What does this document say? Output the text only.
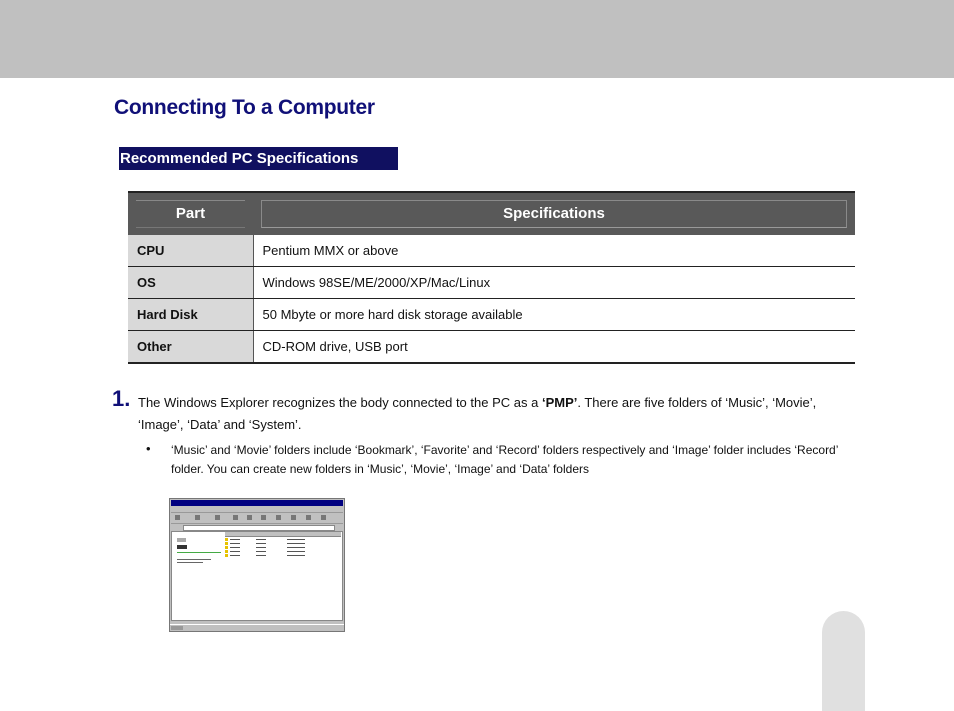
Connecting To a Computer
Recommended PC Specifications
Part	Specifications

CPU	Pentium MMX or above
OS	Windows 98SE/ME/2000/XP/Mac/Linux
Hard Disk	50 Mbyte or more hard disk storage available
Other	CD-ROM drive, USB port
1. The Windows Explorer recognizes the body connected to the PC as a ‘PMP’. There are five folders of ‘Music’, ‘Movie’, ‘Image’, ‘Data’ and ‘System’.

• ‘Music’ and ‘Movie’ folders include ‘Bookmark’, ‘Favorite’ and ‘Record’ folders respectively and ‘Image’ folder includes ‘Record’ folder. You can create new folders in ‘Music’, ‘Movie’, ‘Image’ and ‘Data’ folders
